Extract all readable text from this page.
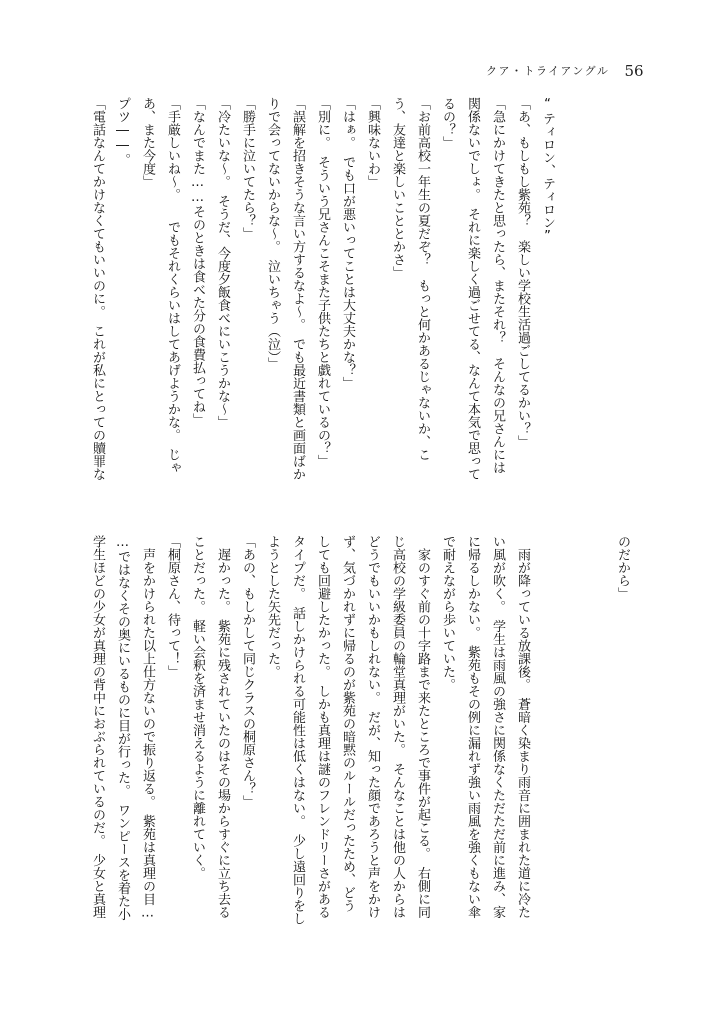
クア・トライアングル 56
“ティロン、ティロン”
「あ、もしもし紫苑？　楽しい学校生活過ごしてるかい？」
「急にかけてきたと思ったら、またそれ？　そんなの兄さんには
関係ないでしょ。　それに楽しく過ごせてる、なんて本気で思って
るの？」
「お前高校一年生の夏だぞ？　もっと何かあるじゃないか、こ
う、友達と楽しいこととかさ」
「興味ないわ」
「はぁ。　でも口が悪いってことは大丈夫かな？」
「別に。　そういう兄さんこそまた子供たちと戯れているの？」
「誤解を招きそうな言い方するなよ～。　でも最近書類と画面ばか
りで会ってないからな～。　泣いちゃう（泣）」
「勝手に泣いてたら？」
「冷たいな～。　そうだ、今度夕飯食べにいこうかな～」
「なんでまた……そのときは食べた分の食費払ってね」
「手厳しいね～。　　でもそれくらいはしてあげようかな。　じゃ
あ、また今度」
プツ――。
「電話なんてかけなくてもいいのに。　これが私にとっての贖罪な
のだから」
　雨が降っている放課後。　蒼暗く染まり雨音に囲まれた道に冷た
い風が吹く。　学生は雨風の強さに関係なくただただ前に進み、家
に帰るしかない。　紫苑もその例に漏れず強い雨風を強くもない傘
で耐えながら歩いていた。
　家のすぐ前の十字路まで来たところで事件が起こる。　右側に同
じ高校の学級委員の輪堂真理がいた。　そんなことは他の人からは
どうでもいいかもしれない。　だが、知った顔であろうと声をかけ
ず、気づかれずに帰るのが紫苑の暗黙のルールだったため、どう
しても回避したかった。　しかも真理は謎のフレンドリーさがある
タイプだ。　話しかけられる可能性は低くはない。　少し遠回りをし
ようとした矢先だった。
「あの、もしかして同じクラスの桐原さん？」
　遅かった。　紫苑に残されていたのはその場からすぐに立ち去る
ことだった。　軽い会釈を済ませ消えるように離れていく。
「桐原さん、待って！」
　声をかけられた以上仕方ないので振り返る。　紫苑は真理の目…
…ではなくその奥にいるものに目が行った。　ワンピースを着た小
学生ほどの少女が真理の背中におぶられているのだ。　少女と真理
